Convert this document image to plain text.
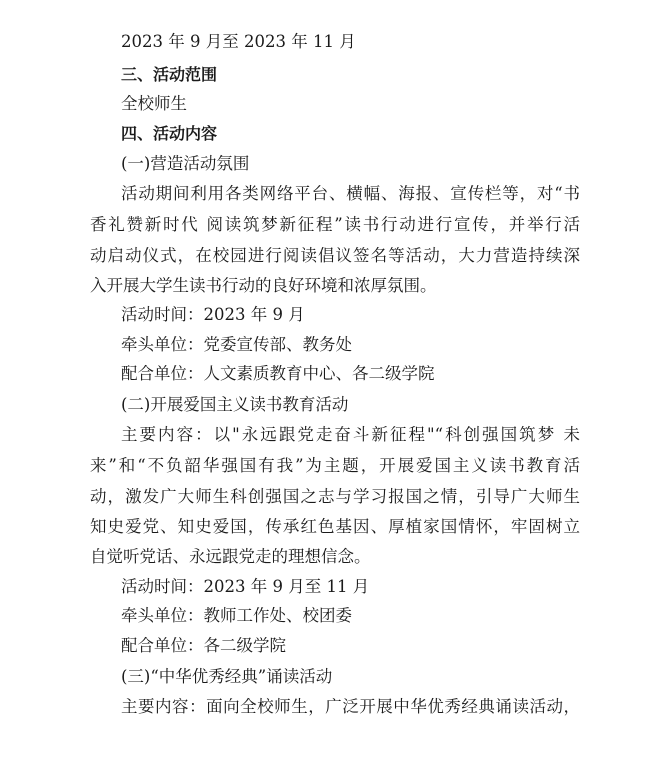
2023 年 9 月至 2023 年 11 月
三、活动范围
全校师生
四、活动内容
(一)营造活动氛围
活动期间利用各类网络平台、横幅、海报、宣传栏等，对“书
香礼赞新时代 阅读筑梦新征程”读书行动进行宣传，并举行活
动启动仪式，在校园进行阅读倡议签名等活动，大力营造持续深
入开展大学生读书行动的良好环境和浓厚氛围。
活动时间：2023 年 9 月
牵头单位：党委宣传部、教务处
配合单位：人文素质教育中心、各二级学院
(二)开展爱国主义读书教育活动
主要内容：以"永远跟党走奋斗新征程"“科创强国筑梦 未
来”和“不负韶华强国有我”为主题，开展爱国主义读书教育活
动，激发广大师生科创强国之志与学习报国之情，引导广大师生
知史爱党、知史爱国，传承红色基因、厚植家国情怀，牢固树立
自觉听党话、永远跟党走的理想信念。
活动时间：2023 年 9 月至 11 月
牵头单位：教师工作处、校团委
配合单位：各二级学院
(三)“中华优秀经典”诵读活动
主要内容：面向全校师生，广泛开展中华优秀经典诵读活动，
